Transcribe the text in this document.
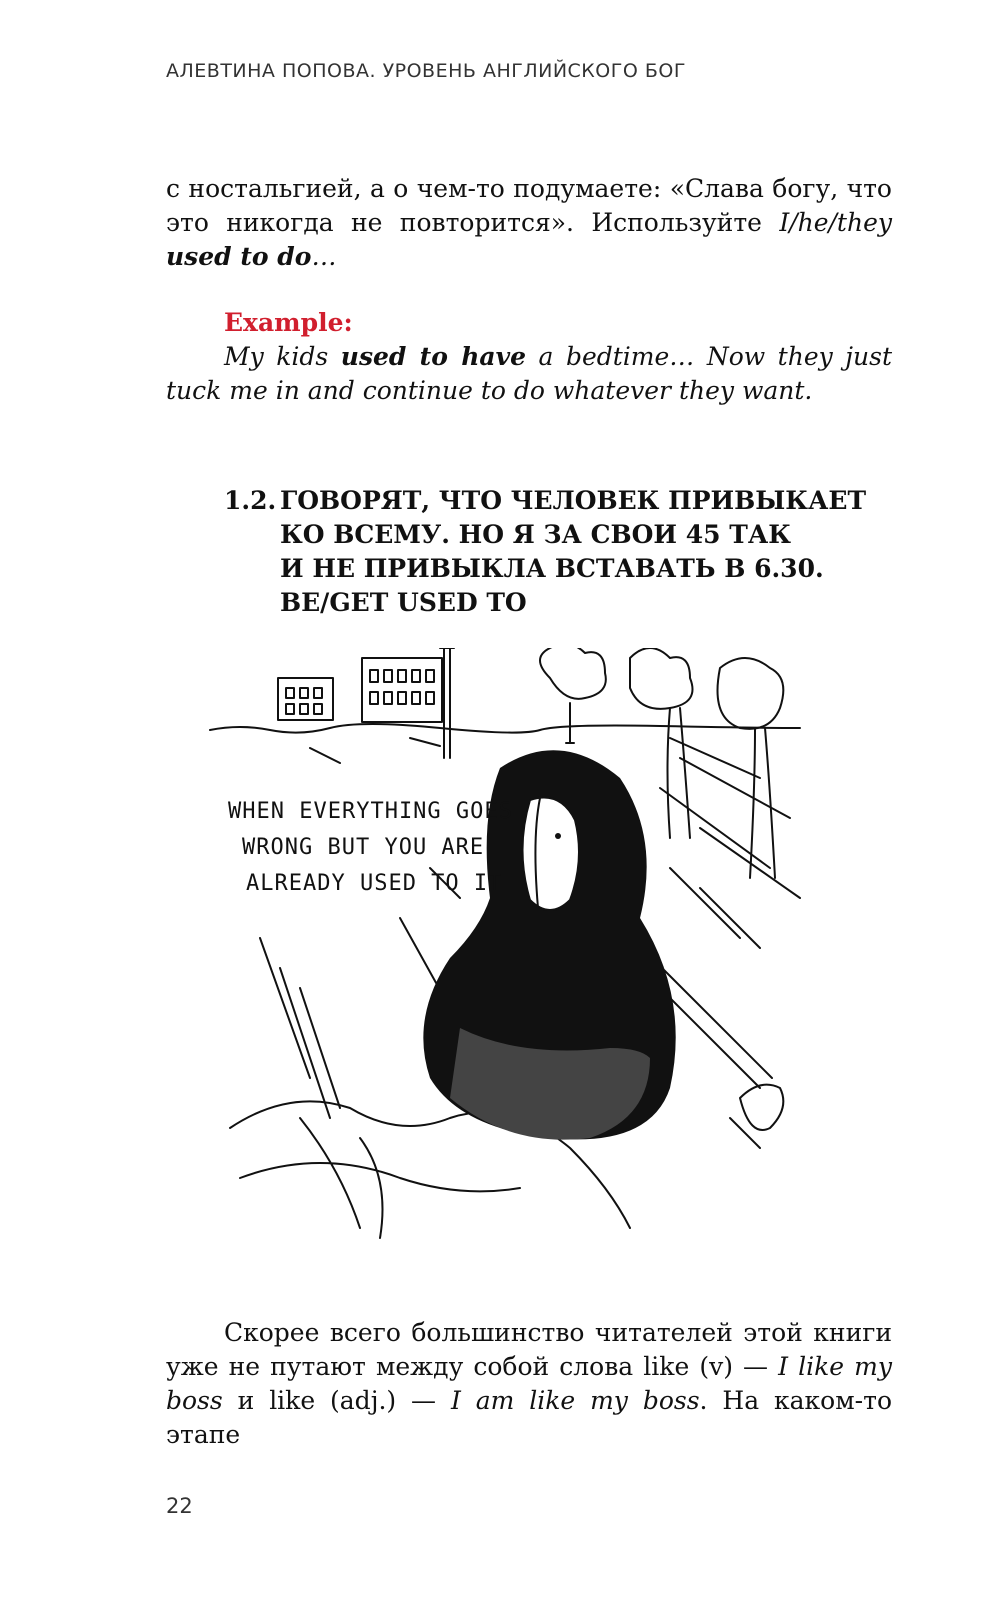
АЛЕВТИНА ПОПОВА. УРОВЕНЬ АНГЛИЙСКОГО БОГ
с ностальгией, а о чем-то подумаете: «Слава богу, что это никогда не повторится». Используйте I/he/they used to do…
Example:
My kids used to have a bedtime… Now they just tuck me in and continue to do whatever they want.
1.2. ГОВОРЯТ, ЧТО ЧЕЛОВЕК ПРИВЫКАЕТ
КО ВСЕМУ. НО Я ЗА СВОИ 45 ТАК
И НЕ ПРИВЫКЛА ВСТАВАТЬ В 6.30.
BE/GET USED TO
WHEN EVERYTHING GOES
WRONG BUT YOU ARE
ALREADY USED TO IT
Скорее всего большинство читателей этой книги уже не путают между собой слова like (v) — I like my boss и like (adj.) — I am like my boss. На каком-то этапе
22
